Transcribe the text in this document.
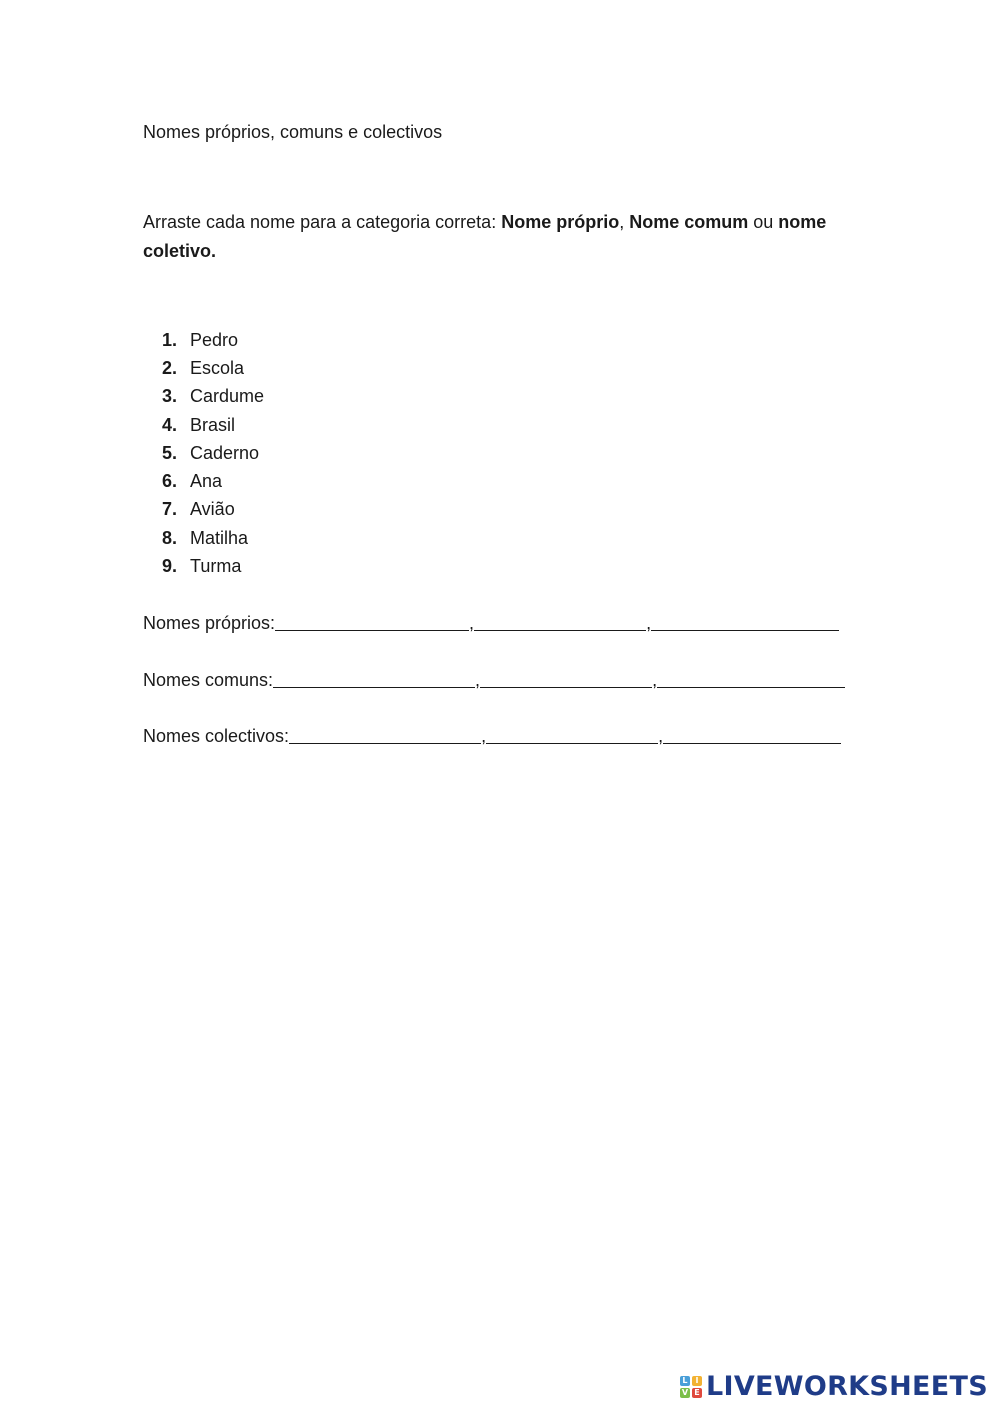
Nomes próprios, comuns e colectivos
Arraste cada nome para a categoria correta: Nome próprio, Nome comum ou nome coletivo.
1. Pedro
2. Escola
3. Cardume
4. Brasil
5. Caderno
6. Ana
7. Avião
8. Matilha
9. Turma
Nomes próprios:	,	,
Nomes comuns:	,	,
Nomes colectivos:	,	,
L I
V E LIVEWORKSHEETS
